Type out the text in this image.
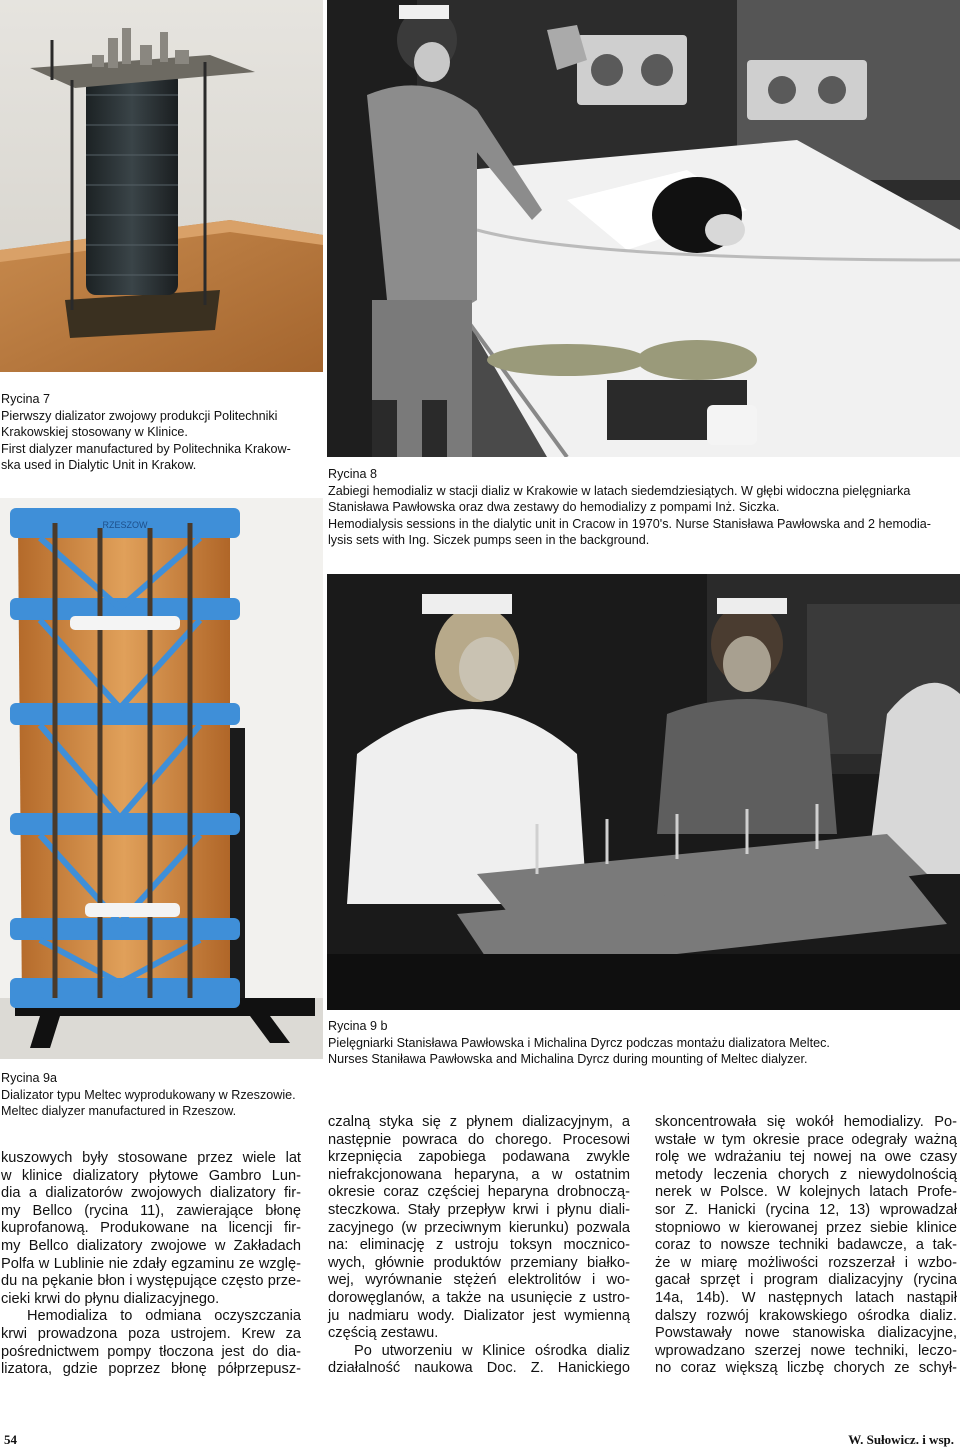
Rycina 7
Pierwszy dializator zwojowy produkcji Politechniki
Krakowskiej stosowany w Klinice.
First dialyzer manufactured by Politechnika Krakow-
ska used in Dialytic Unit in Krakow.
Rycina 8
Zabiegi hemodializ w stacji dializ w Krakowie w latach siedemdziesiątych. W głębi widoczna pielęgniarka
Stanisława Pawłowska oraz dwa zestawy do hemodializy z pompami Inż. Siczka.
Hemodialysis sessions in the dialytic unit in Cracow in 1970's. Nurse Stanisława Pawłowska and 2 hemodia-
lysis sets with Ing. Siczek pumps seen in the background.
RZESZOW
Rycina 9a
Dializator typu Meltec wyprodukowany w Rzeszowie.
Meltec dialyzer manufactured in Rzeszow.
Rycina 9 b
Pielęgniarki Stanisława Pawłowska i Michalina Dyrcz podczas montażu dializatora Meltec.
Nurses Staniława Pawłowska and Michalina Dyrcz during mounting of Meltec dialyzer.
kuszowych były stosowane przez wiele lat
w klinice dializatory płytowe Gambro Lun-
dia a dializatorów zwojowych dializatory fir-
my Bellco (rycina 11), zawierające błonę
kuprofanową. Produkowane na licencji fir-
my Bellco dializatory zwojowe w Zakładach
Polfa w Lublinie nie zdały egzaminu ze wzglę-
du na pękanie błon i występujące często prze-
cieki krwi do płynu dializacyjnego.
Hemodializa to odmiana oczyszczania
krwi prowadzona poza ustrojem. Krew za
pośrednictwem pompy tłoczona jest do dia-
lizatora, gdzie poprzez błonę półprzepusz-
czalną styka się z płynem dializacyjnym, a
następnie powraca do chorego. Procesowi
krzepnięcia zapobiega podawana zwykle
niefrakcjonowana heparyna, a w ostatnim
okresie coraz częściej heparyna drobnoczą-
steczkowa. Stały przepływ krwi i płynu diali-
zacyjnego (w przeciwnym kierunku) pozwala
na: eliminację z ustroju toksyn mocznico-
wych, głównie produktów przemiany białko-
wej, wyrównanie stężeń elektrolitów i wo-
dorowęglanów, a także na usunięcie z ustro-
ju nadmiaru wody. Dializator jest wymienną
częścią zestawu.
Po utworzeniu w Klinice ośrodka dializ
działalność naukowa Doc. Z. Hanickiego
skoncentrowała się wokół hemodializy. Po-
wstałe w tym okresie prace odegrały ważną
rolę we wdrażaniu tej nowej na owe czasy
metody leczenia chorych z niewydolnością
nerek w Polsce. W kolejnych latach Profe-
sor Z. Hanicki (rycina 12, 13) wprowadzał
stopniowo w kierowanej przez siebie klinice
coraz to nowsze techniki badawcze, a tak-
że w miarę możliwości rozszerzał i wzbo-
gacał sprzęt i program dializacyjny (rycina
14a, 14b). W następnych latach nastąpił
dalszy rozwój krakowskiego ośrodka dializ.
Powstawały nowe stanowiska dializacyjne,
wprowadzano szerzej nowe techniki, leczo-
no coraz większą liczbę chorych ze schył-
54	W. Sułowicz. i wsp.
